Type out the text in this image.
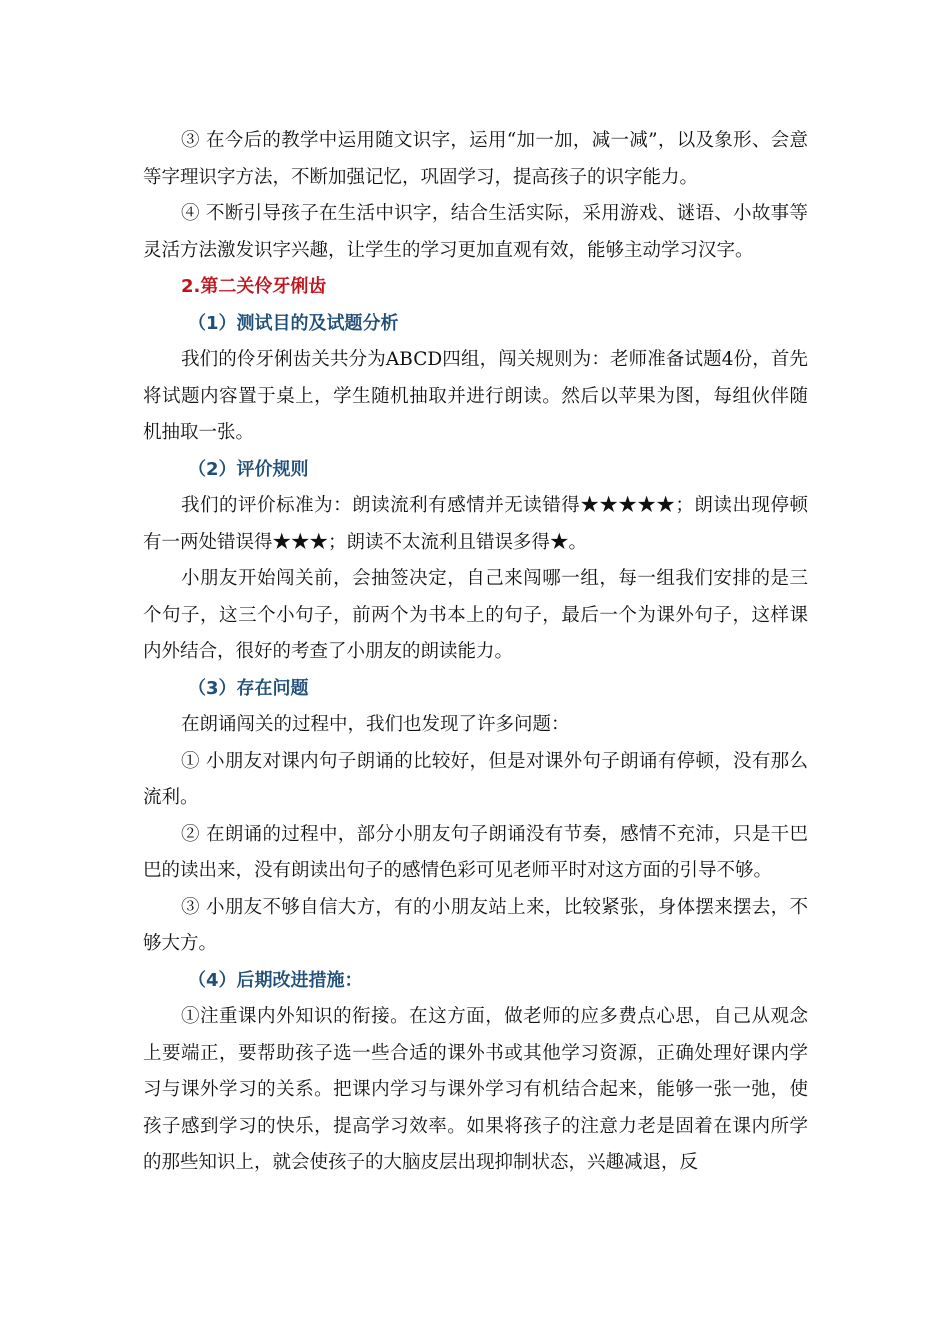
③ 在今后的教学中运用随文识字，运用“加一加，减一减”，以及象形、会意等字理识字方法，不断加强记忆，巩固学习，提高孩子的识字能力。

④ 不断引导孩子在生活中识字，结合生活实际，采用游戏、谜语、小故事等灵活方法激发识字兴趣，让学生的学习更加直观有效，能够主动学习汉字。

2.第二关伶牙俐齿

（1）测试目的及试题分析

我们的伶牙俐齿关共分为ABCD四组，闯关规则为：老师准备试题4份，首先将试题内容置于桌上，学生随机抽取并进行朗读。然后以苹果为图，每组伙伴随机抽取一张。

（2）评价规则

我们的评价标准为：朗读流利有感情并无读错得★★★★★；朗读出现停顿有一两处错误得★★★；朗读不太流利且错误多得★。

小朋友开始闯关前，会抽签决定，自己来闯哪一组，每一组我们安排的是三个句子，这三个小句子，前两个为书本上的句子，最后一个为课外句子，这样课内外结合，很好的考查了小朋友的朗读能力。

（3）存在问题

在朗诵闯关的过程中，我们也发现了许多问题：

① 小朋友对课内句子朗诵的比较好，但是对课外句子朗诵有停顿，没有那么流利。

② 在朗诵的过程中，部分小朋友句子朗诵没有节奏，感情不充沛，只是干巴巴的读出来，没有朗读出句子的感情色彩可见老师平时对这方面的引导不够。

③ 小朋友不够自信大方，有的小朋友站上来，比较紧张，身体摆来摆去，不够大方。

（4）后期改进措施：

①注重课内外知识的衔接。在这方面，做老师的应多费点心思，自己从观念上要端正，要帮助孩子选一些合适的课外书或其他学习资源，正确处理好课内学习与课外学习的关系。把课内学习与课外学习有机结合起来，能够一张一弛，使孩子感到学习的快乐，提高学习效率。如果将孩子的注意力老是固着在课内所学的那些知识上，就会使孩子的大脑皮层出现抑制状态，兴趣减退，反
